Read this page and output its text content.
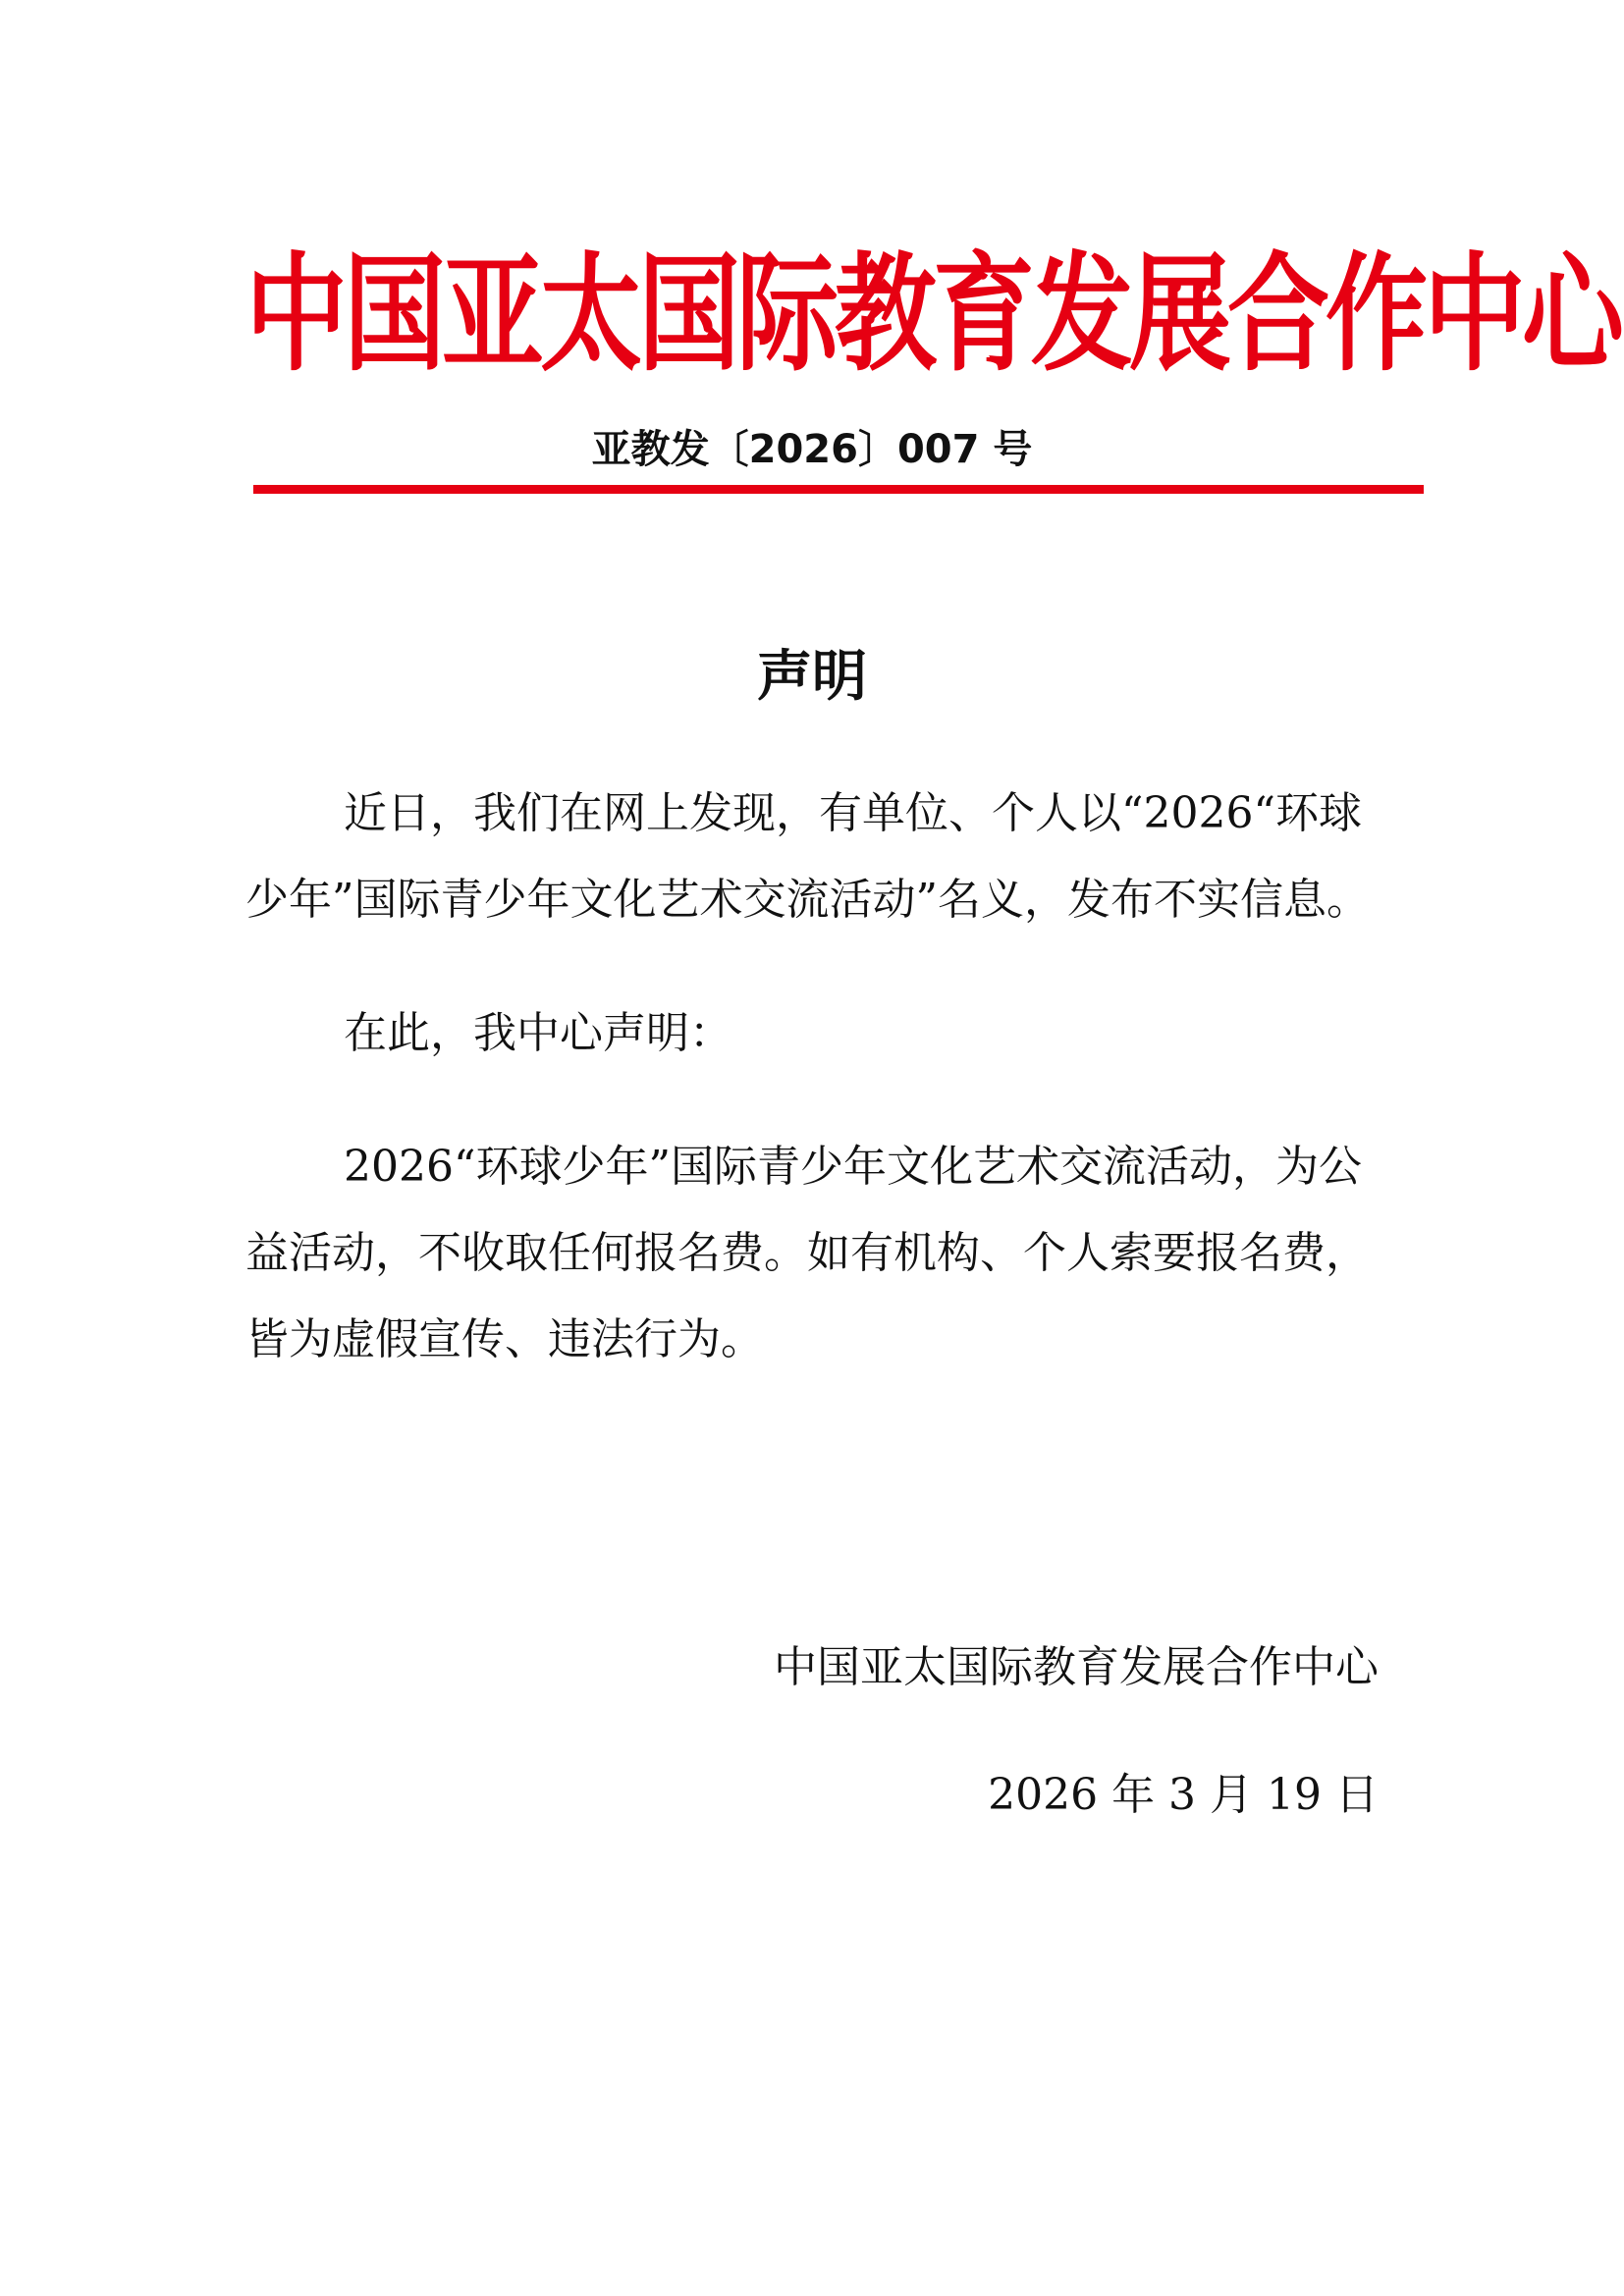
中国亚太国际教育发展合作中心
亚教发〔2026〕007 号
声明

近日，我们在网上发现，有单位、个人以“2026“环球少年”国际青少年文化艺术交流活动”名义，发布不实信息。

在此，我中心声明：

2026“环球少年”国际青少年文化艺术交流活动，为公益活动，不收取任何报名费。如有机构、个人索要报名费，皆为虚假宣传、违法行为。

中国亚太国际教育发展合作中心
2026 年 3 月 19 日
